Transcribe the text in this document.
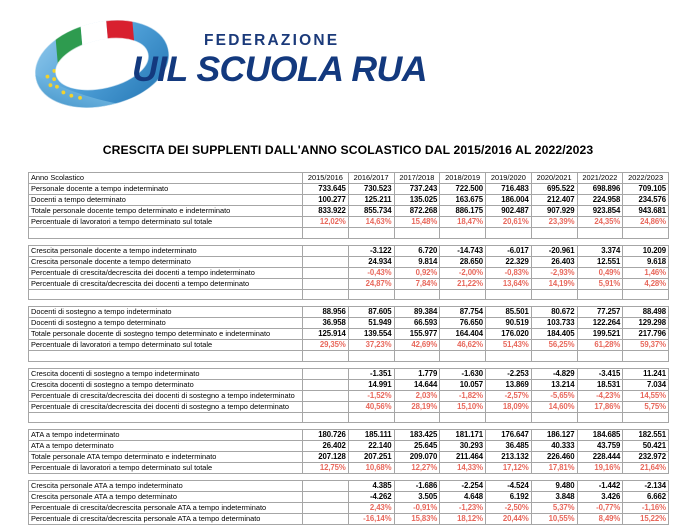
FEDERAZIONE
UIL SCUOLA RUA
CRESCITA DEI SUPPLENTI DALL'ANNO SCOLASTICO DAL 2015/2016 AL 2022/2023
Anno Scolastico	2015/2016	2016/2017	2017/2018	2018/2019	2019/2020	2020/2021	2021/2022	2022/2023
Personale docente a tempo indeterminato	733.645	730.523	737.243	722.500	716.483	695.522	698.896	709.105
Docenti a tempo determinato	100.277	125.211	135.025	163.675	186.004	212.407	224.958	234.576
Totale personale docente tempo determinato e indeterminato	833.922	855.734	872.268	886.175	902.487	907.929	923.854	943.681
Percentuale di lavoratori a tempo determinato sul totale	12,02%	14,63%	15,48%	18,47%	20,61%	23,39%	24,35%	24,86%

Crescita personale docente a tempo indeterminato		-3.122	6.720	-14.743	-6.017	-20.961	3.374	10.209
Crescita personale docente a tempo determinato		24.934	9.814	28.650	22.329	26.403	12.551	9.618
Percentuale di crescita/decrescita dei docenti a tempo indeterminato		-0,43%	0,92%	-2,00%	-0,83%	-2,93%	0,49%	1,46%
Percentuale di crescita/decrescita dei docenti a tempo determinato		24,87%	7,84%	21,22%	13,64%	14,19%	5,91%	4,28%

Docenti di sostegno a tempo indeterminato	88.956	87.605	89.384	87.754	85.501	80.672	77.257	88.498
Docenti di sostegno a tempo determinato	36.958	51.949	66.593	76.650	90.519	103.733	122.264	129.298
Totale personale docente di sostegno tempo determinato e indeterminato	125.914	139.554	155.977	164.404	176.020	184.405	199.521	217.796
Percentuale di lavoratori a tempo determinato sul totale	29,35%	37,23%	42,69%	46,62%	51,43%	56,25%	61,28%	59,37%

Crescita docenti di sostegno a tempo indeterminato		-1.351	1.779	-1.630	-2.253	-4.829	-3.415	11.241
Crescita docenti di sostegno a tempo determinato		14.991	14.644	10.057	13.869	13.214	18.531	7.034
Percentuale di crescita/decrescita dei docenti di sostegno a tempo indeterminato		-1,52%	2,03%	-1,82%	-2,57%	-5,65%	-4,23%	14,55%
Percentuale di crescita/decrescita dei docenti di sostegno a tempo determinato		40,56%	28,19%	15,10%	18,09%	14,60%	17,86%	5,75%

ATA a tempo indeterminato	180.726	185.111	183.425	181.171	176.647	186.127	184.685	182.551
ATA a tempo determinato	26.402	22.140	25.645	30.293	36.485	40.333	43.759	50.421
Totale personale ATA tempo determinato e indeterminato	207.128	207.251	209.070	211.464	213.132	226.460	228.444	232.972
Percentuale di lavoratori a tempo determinato sul totale	12,75%	10,68%	12,27%	14,33%	17,12%	17,81%	19,16%	21,64%

Crescita personale ATA a tempo indeterminato		4.385	-1.686	-2.254	-4.524	9.480	-1.442	-2.134
Crescita personale ATA a tempo determinato		-4.262	3.505	4.648	6.192	3.848	3.426	6.662
Percentuale di crescita/decrescita personale ATA a tempo indeterminato		2,43%	-0,91%	-1,23%	-2,50%	5,37%	-0,77%	-1,16%
Percentuale di crescita/decrescita personale ATA a tempo determinato		-16,14%	15,83%	18,12%	20,44%	10,55%	8,49%	15,22%
